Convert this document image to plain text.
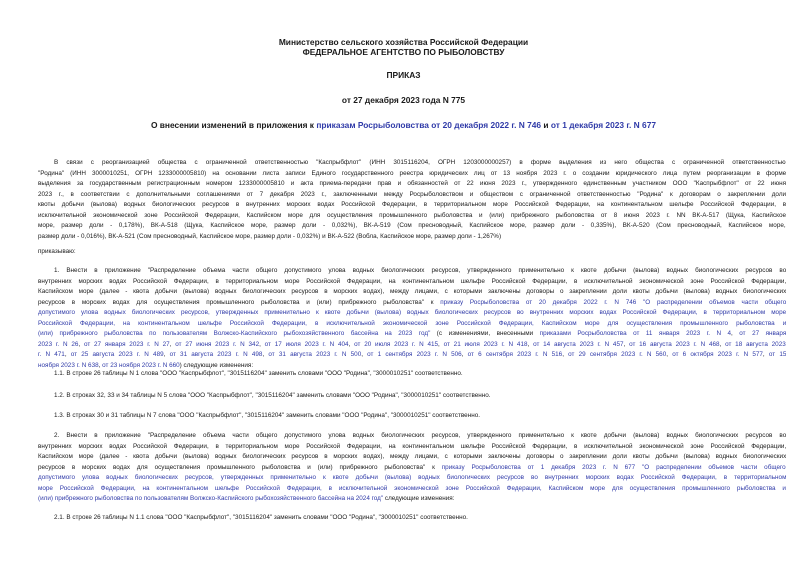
Министерство сельского хозяйства Российской Федерации
ФЕДЕРАЛЬНОЕ АГЕНТСТВО ПО РЫБОЛОВСТВУ
ПРИКАЗ
от 27 декабря 2023 года N 775
О внесении изменений в приложения к приказам Росрыболовства от 20 декабря 2022 г. N 746 и от 1 декабря 2023 г. N 677
В связи с реорганизацией общества с ограниченной ответственностью "Каспрыбфлот" (ИНН 3015116204, ОГРН 1203000000257) в форме выделения из него общества с ограниченной ответственностью
"Родина" (ИНН 3000010251, ОГРН 1233000005810) на основании листа записи Единого государственного реестра юридических лиц от 13 ноября 2023 г. о создании юридического лица путем реорганизации в форме
выделения за государственным регистрационным номером 1233000005810 и акта приема-передачи прав и обязанностей от 22 июня 2023 г., утвержденного единственным участником ООО "Каспрыбфлот" от 22 июня
2023 г., в соответствии с дополнительными соглашениями от 7 декабря 2023 г., заключенными между Росрыболовством и обществом с ограниченной ответственностью "Родина" к договорам о закреплении доли
квоты добычи (вылова) водных биологических ресурсов в внутренних морских водах Российской Федерации, в территориальном море Российской Федерации, на континентальном шельфе Российской Федерации, в
исключительной экономической зоне Российской Федерации, Каспийском море для осуществления промышленного рыболовства и (или) прибрежного рыболовства от 8 июня 2023 г. NN ВК-А-517 (Щука, Каспийское
море, размер доли - 0,178%), ВК-А-518 (Щука, Каспийское море, размер доли - 0,032%), ВК-А-519 (Сом пресноводный, Каспийское море, размер доли - 0,335%), ВК-А-520 (Сом пресноводный, Каспийское море,
размер доли - 0,016%), ВК-А-521 (Сом пресноводный, Каспийское море, размер доли - 0,032%) и ВК-А-522 (Вобла, Каспийское море, размер доли - 1,267%)
приказываю:
1. Внести в приложение "Распределение объема части общего допустимого улова водных биологических ресурсов, утвержденного применительно к квоте добычи (вылова) водных биологических ресурсов во
внутренних морских водах Российской Федерации, в территориальном море Российской Федерации, на континентальном шельфе Российской Федерации, в исключительной экономической зоне Российской Федерации,
Каспийском море (далее - квота добычи (вылова) водных биологических ресурсов в морских водах), между лицами, с которыми заключены договоры о закреплении доли квоты добычи (вылова) водных биологических
ресурсов в морских водах для осуществления промышленного рыболовства и (или) прибрежного рыболовства" к приказу Росрыболовства от 20 декабря 2022 г. N 746 "О распределении объемов части общего
допустимого улова водных биологических ресурсов, утвержденных применительно к квоте добычи (вылова) водных биологических ресурсов во внутренних морских водах Российской Федерации, в территориальном море
Российской Федерации, на континентальном шельфе Российской Федерации, в исключительной экономической зоне Российской Федерации, Каспийском море для осуществления промышленного рыболовства и
(или) прибрежного рыболовства по пользователям Волжско-Каспийского рыбохозяйственного бассейна на 2023 год" (с изменениями, внесенными приказами Росрыболовства от 11 января 2023 г. N 4, от 27 января
2023 г. N 26, от 27 января 2023 г. N 27, от 27 июня 2023 г. N 342, от 17 июля 2023 г. N 404, от 20 июля 2023 г. N 415, от 21 июля 2023 г. N 418, от 14 августа 2023 г. N 457, от 16 августа 2023 г. N 468, от 18 августа 2023
г. N 471, от 25 августа 2023 г. N 489, от 31 августа 2023 г. N 498, от 31 августа 2023 г. N 500, от 1 сентября 2023 г. N 506, от 6 сентября 2023 г. N 516, от 29 сентября 2023 г. N 560, от 6 октября 2023 г. N 577, от 15
ноября 2023 г. N 638, от 23 ноября 2023 г. N 660) следующие изменения:
1.1. В строке 26 таблицы N 1 слова "ООО "Каспрыбфлот", "3015116204" заменить словами "ООО "Родина", "3000010251" соответственно.
1.2. В строках 32, 33 и 34 таблицы N 5 слова "ООО "Каспрыбфлот", "3015116204" заменить словами "ООО "Родина", "3000010251" соответственно.
1.3. В строках 30 и 31 таблицы N 7 слова "ООО "Каспрыбфлот", "3015116204" заменить словами "ООО "Родина", "3000010251" соответственно.
2. Внести в приложение "Распределение объема части общего допустимого улова водных биологических ресурсов, утвержденного применительно к квоте добычи (вылова) водных биологических ресурсов во
внутренних морских водах Российской Федерации, в территориальном море Российской Федерации, на континентальном шельфе Российской Федерации, в исключительной экономической зоне Российской Федерации,
Каспийском море (далее - квота добычи (вылова) водных биологических ресурсов в морских водах), между лицами, с которыми заключены договоры о закреплении доли квоты добычи (вылова) водных биологических
ресурсов в морских водах для осуществления промышленного рыболовства и (или) прибрежного рыболовства" к приказу Росрыболовства от 1 декабря 2023 г. N 677 "О распределении объемов части общего
допустимого улова водных биологических ресурсов, утвержденных применительно к квоте добычи (вылова) водных биологических ресурсов во внутренних морских водах Российской Федерации, в территориальном
море Российской Федерации, на континентальном шельфе Российской Федерации, в исключительной экономической зоне Российской Федерации, Каспийском море для осуществления промышленного рыболовства и
(или) прибрежного рыболовства по пользователям Волжско-Каспийского рыбохозяйственного бассейна на 2024 год" следующие изменения:
2.1. В строке 26 таблицы N 1.1 слова "ООО "Каспрыбфлот", "3015116204" заменить словами "ООО "Родина", "3000010251" соответственно.
